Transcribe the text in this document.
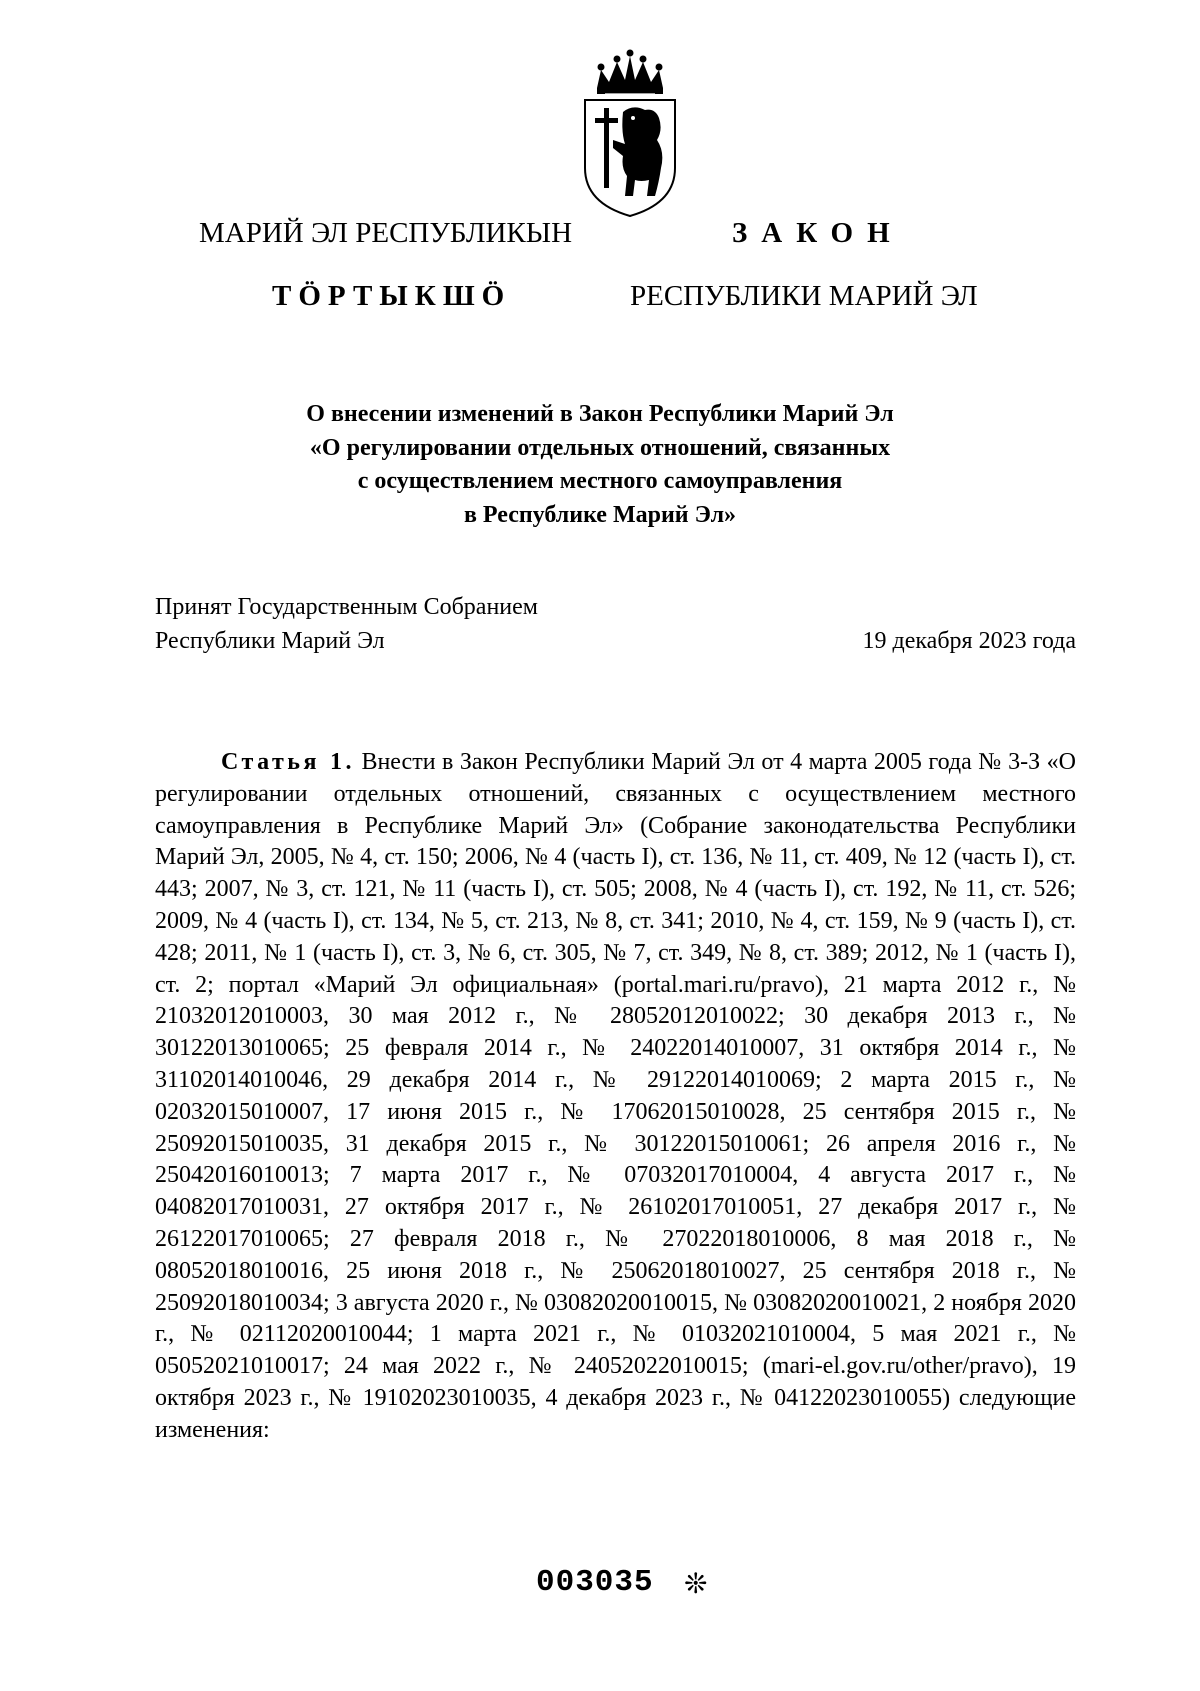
МАРИЙ ЭЛ РЕСПУБЛИКЫН
ТӦРТЫКШӦ
ЗАКОН
РЕСПУБЛИКИ МАРИЙ ЭЛ
О внесении изменений в Закон Республики Марий Эл
«О регулировании отдельных отношений, связанных
с осуществлением местного самоуправления
в Республике Марий Эл»
Принят Государственным Собранием
Республики Марий Эл	19 декабря 2023 года
Статья 1. Внести в Закон Республики Марий Эл от 4 марта 2005 года № 3-З «О регулировании отдельных отношений, связанных с осуществлением местного самоуправления в Республике Марий Эл» (Собрание законодательства Республики Марий Эл, 2005, № 4, ст. 150; 2006, № 4 (часть I), ст. 136, № 11, ст. 409, № 12 (часть I), ст. 443; 2007, № 3, ст. 121, № 11 (часть I), ст. 505; 2008, № 4 (часть I), ст. 192, № 11, ст. 526; 2009, № 4 (часть I), ст. 134, № 5, ст. 213, № 8, ст. 341; 2010, № 4, ст. 159, № 9 (часть I), ст. 428; 2011, № 1 (часть I), ст. 3, № 6, ст. 305, № 7, ст. 349, № 8, ст. 389; 2012, № 1 (часть I), ст. 2; портал «Марий Эл официальная» (portal.mari.ru/pravo), 21 марта 2012 г., № 21032012010003, 30 мая 2012 г., № 28052012010022; 30 декабря 2013 г., № 30122013010065; 25 февраля 2014 г., № 24022014010007, 31 октября 2014 г., № 31102014010046, 29 декабря 2014 г., № 29122014010069; 2 марта 2015 г., № 02032015010007, 17 июня 2015 г., № 17062015010028, 25 сентября 2015 г., № 25092015010035, 31 декабря 2015 г., № 30122015010061; 26 апреля 2016 г., № 25042016010013; 7 марта 2017 г., № 07032017010004, 4 августа 2017 г., № 04082017010031, 27 октября 2017 г., № 26102017010051, 27 декабря 2017 г., № 26122017010065; 27 февраля 2018 г., № 27022018010006, 8 мая 2018 г., № 08052018010016, 25 июня 2018 г., № 25062018010027, 25 сентября 2018 г., № 25092018010034; 3 августа 2020 г., № 03082020010015, № 03082020010021, 2 ноября 2020 г., № 02112020010044; 1 марта 2021 г., № 01032021010004, 5 мая 2021 г., № 05052021010017; 24 мая 2022 г., № 24052022010015; (mari-el.gov.ru/other/pravo), 19 октября 2023 г., № 19102023010035, 4 декабря 2023 г., № 04122023010055) следующие изменения:
003035 ❊
